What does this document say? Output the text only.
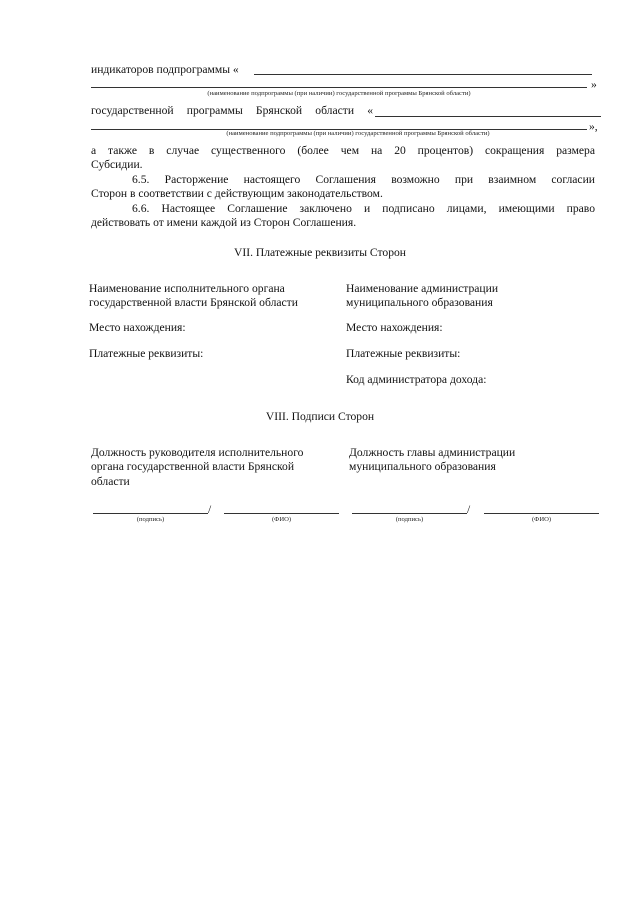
индикаторов подпрограммы «
»
(наименование подпрограммы (при наличии) государственной программы Брянской области)
государственной программы Брянской области «
»,
(наименование подпрограммы (при наличии) государственной программы Брянской области)
а также в случае существенного (более чем на 20 процентов) сокращения размера
Субсидии.
6.5. Расторжение настоящего Соглашения возможно при взаимном согласии
Сторон в соответствии с действующим законодательством.
6.6. Настоящее Соглашение заключено и подписано лицами, имеющими право
действовать от имени каждой из Сторон Соглашения.
VII. Платежные реквизиты Сторон
Наименование исполнительного органа
государственной власти Брянской области
Место нахождения:
Платежные реквизиты:
Наименование администрации
муниципального образования
Место нахождения:
Платежные реквизиты:
Код администратора дохода:
VIII. Подписи Сторон
Должность руководителя исполнительного
органа государственной власти Брянской
области
Должность главы администрации
муниципального образования
/
(подпись)	(ФИО)
/
(подпись)	(ФИО)
